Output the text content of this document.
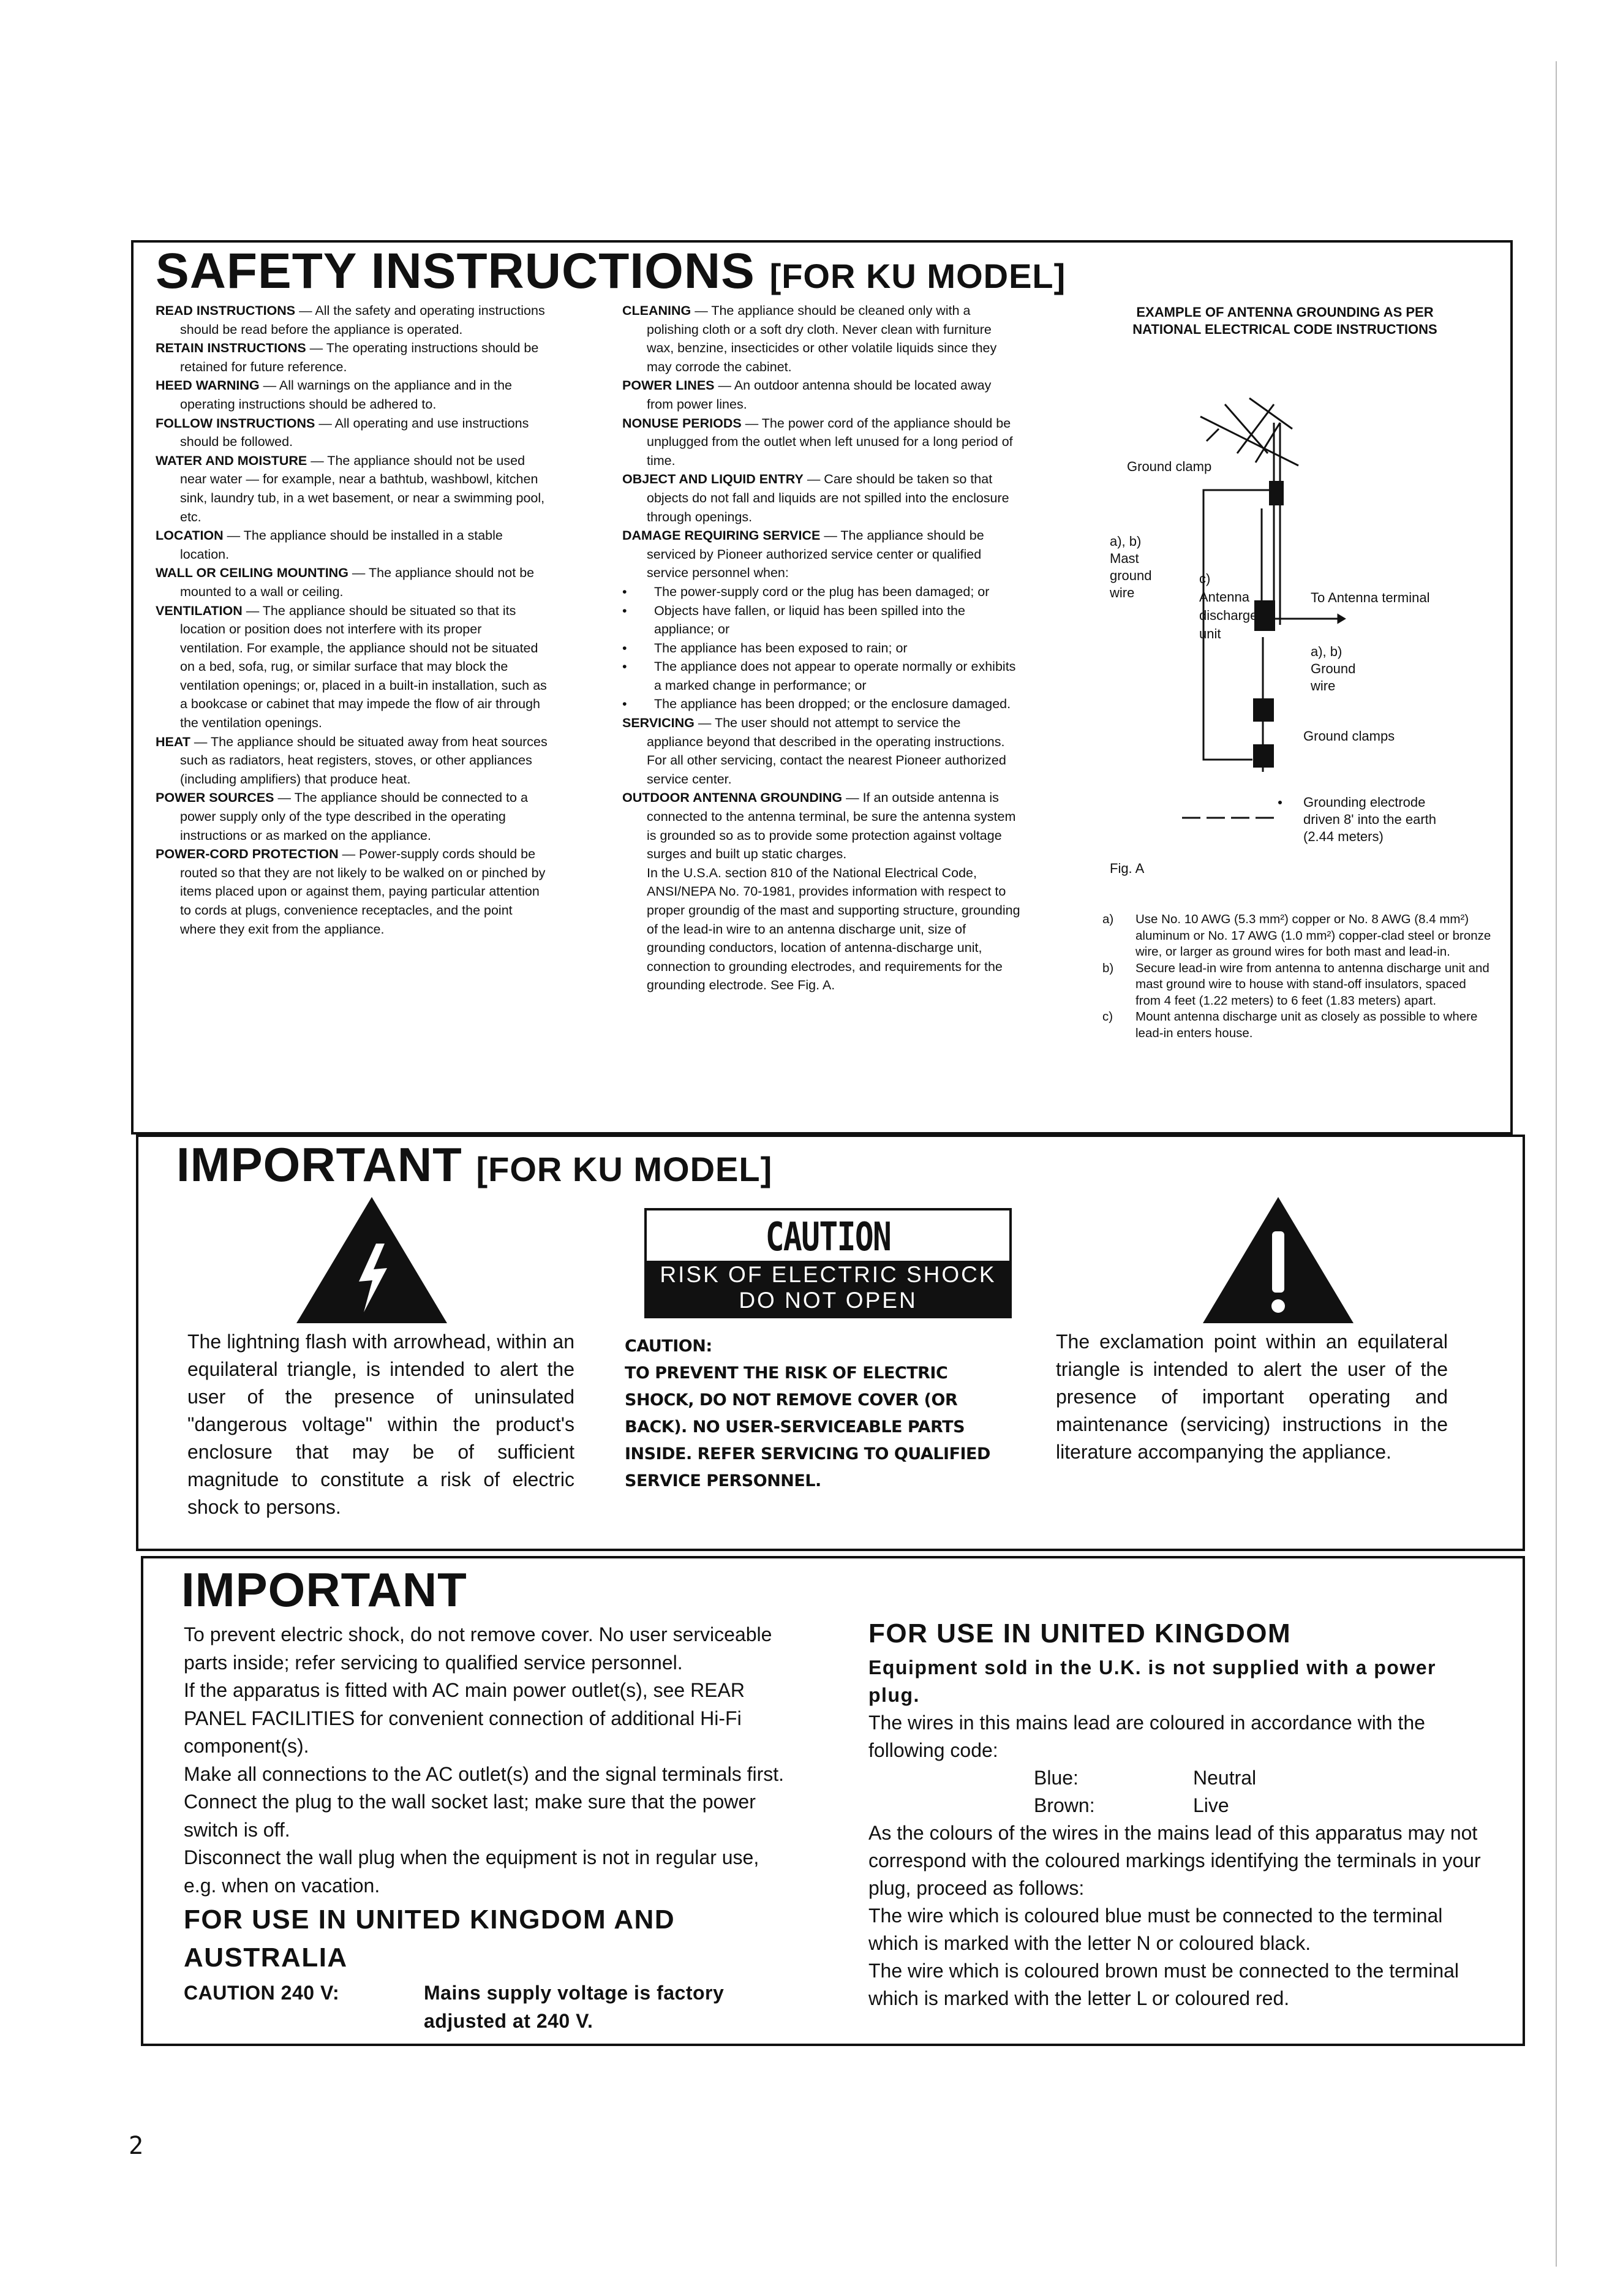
SAFETY INSTRUCTIONS [FOR KU MODEL]

READ INSTRUCTIONS — All the safety and operating instructions should be read before the appliance is operated.

RETAIN INSTRUCTIONS — The operating instructions should be retained for future reference.

HEED WARNING — All warnings on the appliance and in the operating instructions should be adhered to.

FOLLOW INSTRUCTIONS — All operating and use instructions should be followed.

WATER AND MOISTURE — The appliance should not be used near water — for example, near a bathtub, washbowl, kitchen sink, laundry tub, in a wet basement, or near a swimming pool, etc.

LOCATION — The appliance should be installed in a stable location.

WALL OR CEILING MOUNTING — The appliance should not be mounted to a wall or ceiling.

VENTILATION — The appliance should be situated so that its location or position does not interfere with its proper ventilation. For example, the appliance should not be situated on a bed, sofa, rug, or similar surface that may block the ventilation openings; or, placed in a built-in installation, such as a bookcase or cabinet that may impede the flow of air through the ventilation openings.

HEAT — The appliance should be situated away from heat sources such as radiators, heat registers, stoves, or other appliances (including amplifiers) that produce heat.

POWER SOURCES — The appliance should be connected to a power supply only of the type described in the operating instructions or as marked on the appliance.

POWER-CORD PROTECTION — Power-supply cords should be routed so that they are not likely to be walked on or pinched by items placed upon or against them, paying particular attention to cords at plugs, convenience receptacles, and the point where they exit from the appliance.

CLEANING — The appliance should be cleaned only with a polishing cloth or a soft dry cloth. Never clean with furniture wax, benzine, insecticides or other volatile liquids since they may corrode the cabinet.

POWER LINES — An outdoor antenna should be located away from power lines.

NONUSE PERIODS — The power cord of the appliance should be unplugged from the outlet when left unused for a long period of time.

OBJECT AND LIQUID ENTRY — Care should be taken so that objects do not fall and liquids are not spilled into the enclosure through openings.

DAMAGE REQUIRING SERVICE — The appliance should be serviced by Pioneer authorized service center or qualified service personnel when:

• The power-supply cord or the plug has been damaged; or

• Objects have fallen, or liquid has been spilled into the appliance; or

• The appliance has been exposed to rain; or

• The appliance does not appear to operate normally or exhibits a marked change in performance; or

• The appliance has been dropped; or the enclosure damaged.

SERVICING — The user should not attempt to service the appliance beyond that described in the operating instructions. For all other servicing, contact the nearest Pioneer authorized service center.

OUTDOOR ANTENNA GROUNDING — If an outside antenna is connected to the antenna terminal, be sure the antenna system is grounded so as to provide some protection against voltage surges and built up static charges.

In the U.S.A. section 810 of the National Electrical Code, ANSI/NEPA No. 70-1981, provides information with respect to proper groundig of the mast and supporting structure, grounding of the lead-in wire to an antenna discharge unit, size of grounding conductors, location of antenna-discharge unit, connection to grounding electrodes, and requirements for the grounding electrode. See Fig. A.

EXAMPLE OF ANTENNA GROUNDING AS PER NATIONAL ELECTRICAL CODE INSTRUCTIONS
Ground clamp
a), b)
Mast
ground
wire
c)
Antenna
discharge
unit
To Antenna terminal
a), b)
Ground
wire
Ground clamps
Grounding electrode
driven 8' into the earth
(2.44 meters)
Fig. A

a) Use No. 10 AWG (5.3 mm²) copper or No. 8 AWG (8.4 mm²) aluminum or No. 17 AWG (1.0 mm²) copper-clad steel or bronze wire, or larger as ground wires for both mast and lead-in.

b) Secure lead-in wire from antenna to antenna discharge unit and mast ground wire to house with stand-off insulators, spaced from 4 feet (1.22 meters) to 6 feet (1.83 meters) apart.

c) Mount antenna discharge unit as closely as possible to where lead-in enters house.

IMPORTANT [FOR KU MODEL]
The lightning flash with arrowhead, within an equilateral triangle, is intended to alert the user of the presence of uninsulated "dangerous voltage" within the product's enclosure that may be of sufficient magnitude to constitute a risk of electric shock to persons.
CAUTION
RISK OF ELECTRIC SHOCK
DO NOT OPEN

CAUTION:

TO PREVENT THE RISK OF ELECTRIC SHOCK, DO NOT REMOVE COVER (OR BACK). NO USER-SERVICEABLE PARTS INSIDE. REFER SERVICING TO QUALIFIED SERVICE PERSONNEL.

The exclamation point within an equilateral triangle is intended to alert the user of the presence of important operating and maintenance (servicing) instructions in the literature accompanying the appliance.
IMPORTANT

To prevent electric shock, do not remove cover. No user serviceable parts inside; refer servicing to qualified service personnel.

If the apparatus is fitted with AC main power outlet(s), see REAR PANEL FACILITIES for convenient connection of additional Hi-Fi component(s).

Make all connections to the AC outlet(s) and the signal terminals first. Connect the plug to the wall socket last; make sure that the power switch is off.

Disconnect the wall plug when the equipment is not in regular use, e.g. when on vacation.

FOR USE IN UNITED KINGDOM AND AUSTRALIA
CAUTION 240 V:	Mains supply voltage is factory adjusted at 240 V.
FOR USE IN UNITED KINGDOM

Equipment sold in the U.K. is not supplied with a power plug.

The wires in this mains lead are coloured in accordance with the following code:

Blue:	Neutral
Brown:	Live

As the colours of the wires in the mains lead of this apparatus may not correspond with the coloured markings identifying the terminals in your plug, proceed as follows:

The wire which is coloured blue must be connected to the terminal which is marked with the letter N or coloured black.

The wire which is coloured brown must be connected to the terminal which is marked with the letter L or coloured red.

2
